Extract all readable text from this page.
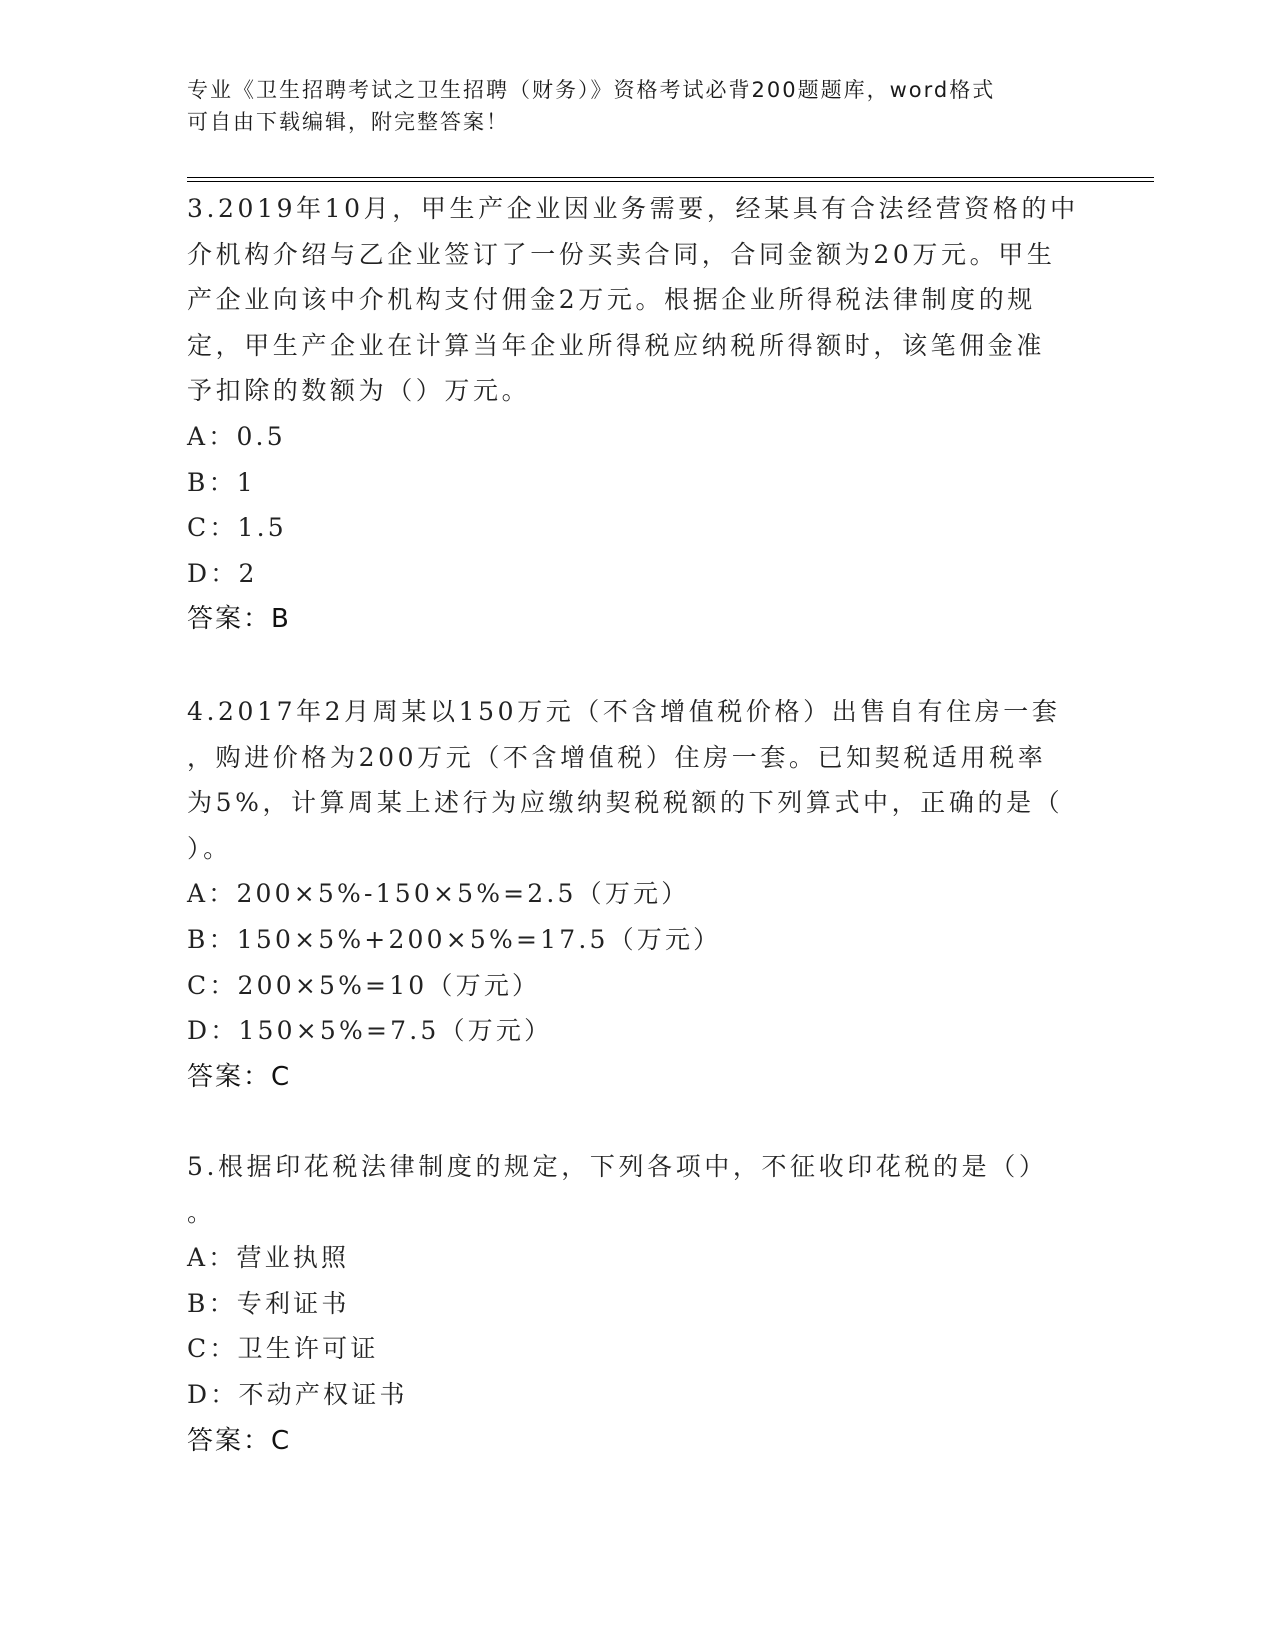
专业《卫生招聘考试之卫生招聘（财务）》资格考试必背200题题库，word格式
可自由下载编辑，附完整答案！

3.2019年10月，甲生产企业因业务需要，经某具有合法经营资格的中

介机构介绍与乙企业签订了一份买卖合同，合同金额为20万元。甲生

产企业向该中介机构支付佣金2万元。根据企业所得税法律制度的规

定，甲生产企业在计算当年企业所得税应纳税所得额时，该笔佣金准

予扣除的数额为（）万元。

A：0.5

B：1

C：1.5

D：2

答案：B

4.2017年2月周某以150万元（不含增值税价格）出售自有住房一套

，购进价格为200万元（不含增值税）住房一套。已知契税适用税率

为5%，计算周某上述行为应缴纳契税税额的下列算式中，正确的是（

）。

A：200×5%-150×5%=2.5（万元）

B：150×5%+200×5%=17.5（万元）

C：200×5%=10（万元）

D：150×5%=7.5（万元）

答案：C

5.根据印花税法律制度的规定，下列各项中，不征收印花税的是（）

。

A：营业执照

B：专利证书

C：卫生许可证

D：不动产权证书

答案：C
